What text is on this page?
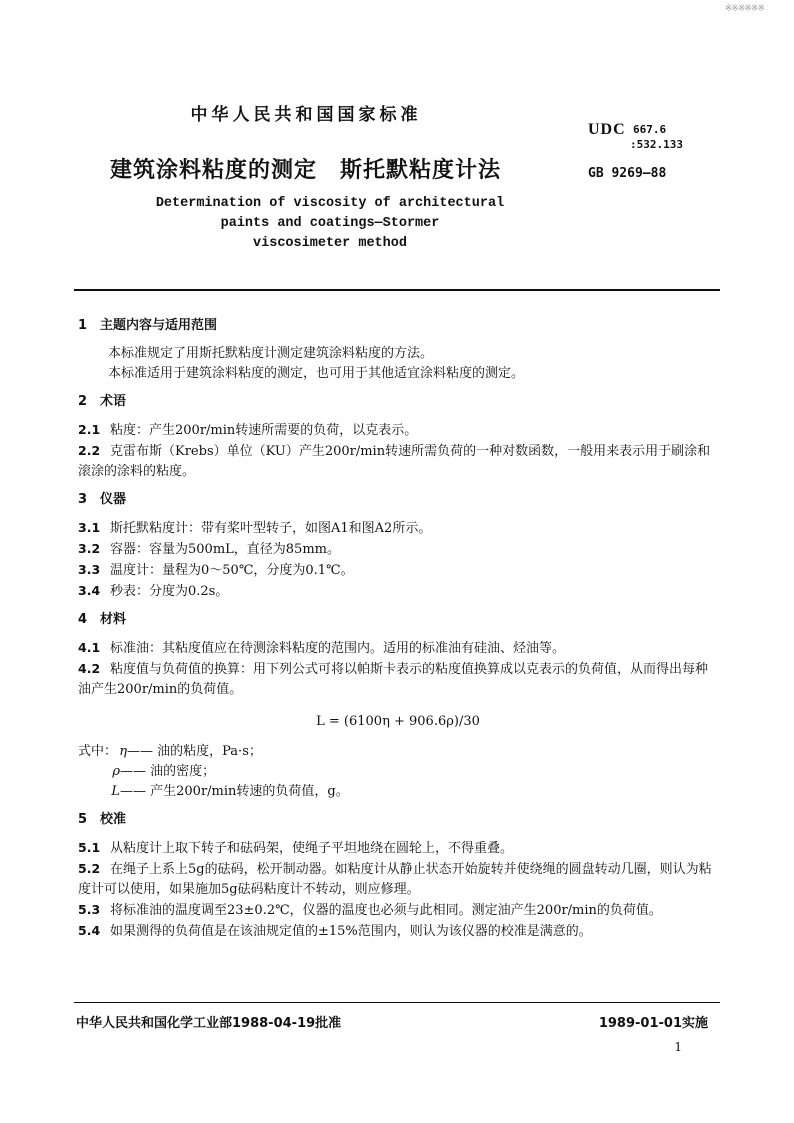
※※※※※※
中华人民共和国国家标准
UDC 667.6
:532.133
建筑涂料粘度的测定　斯托默粘度计法	GB 9269—88
Determination of viscosity of architectural
paints and coatings—Stormer
viscosimeter method
1 主题内容与适用范围

本标准规定了用斯托默粘度计测定建筑涂料粘度的方法。

本标准适用于建筑涂料粘度的测定，也可用于其他适宜涂料粘度的测定。

2 术语

2.1 粘度：产生200r/min转速所需要的负荷，以克表示。

2.2 克雷布斯（Krebs）单位（KU）产生200r/min转速所需负荷的一种对数函数，一般用来表示用于刷涂和滚涂的涂料的粘度。

3 仪器

3.1 斯托默粘度计：带有桨叶型转子，如图A1和图A2所示。

3.2 容器：容量为500mL，直径为85mm。

3.3 温度计：量程为0～50℃，分度为0.1℃。

3.4 秒表：分度为0.2s。

4 材料

4.1 标准油：其粘度值应在待测涂料粘度的范围内。适用的标准油有硅油、烃油等。

4.2 粘度值与负荷值的换算：用下列公式可将以帕斯卡表示的粘度值换算成以克表示的负荷值，从而得出每种油产生200r/min的负荷值。

L = (6100η + 906.6ρ)/30

式中： η—— 油的粘度，Pa·s；

ρ—— 油的密度；

L—— 产生200r/min转速的负荷值，g。

5 校准

5.1 从粘度计上取下转子和砝码架，使绳子平坦地绕在圆轮上，不得重叠。

5.2 在绳子上系上5g的砝码，松开制动器。如粘度计从静止状态开始旋转并使绕绳的圆盘转动几圈，则认为粘度计可以使用，如果施加5g砝码粘度计不转动，则应修理。

5.3 将标准油的温度调至23±0.2℃，仪器的温度也必须与此相同。测定油产生200r/min的负荷值。

5.4 如果测得的负荷值是在该油规定值的±15%范围内，则认为该仪器的校准是满意的。

中华人民共和国化学工业部1988-04-19批准	1989-01-01实施
1
